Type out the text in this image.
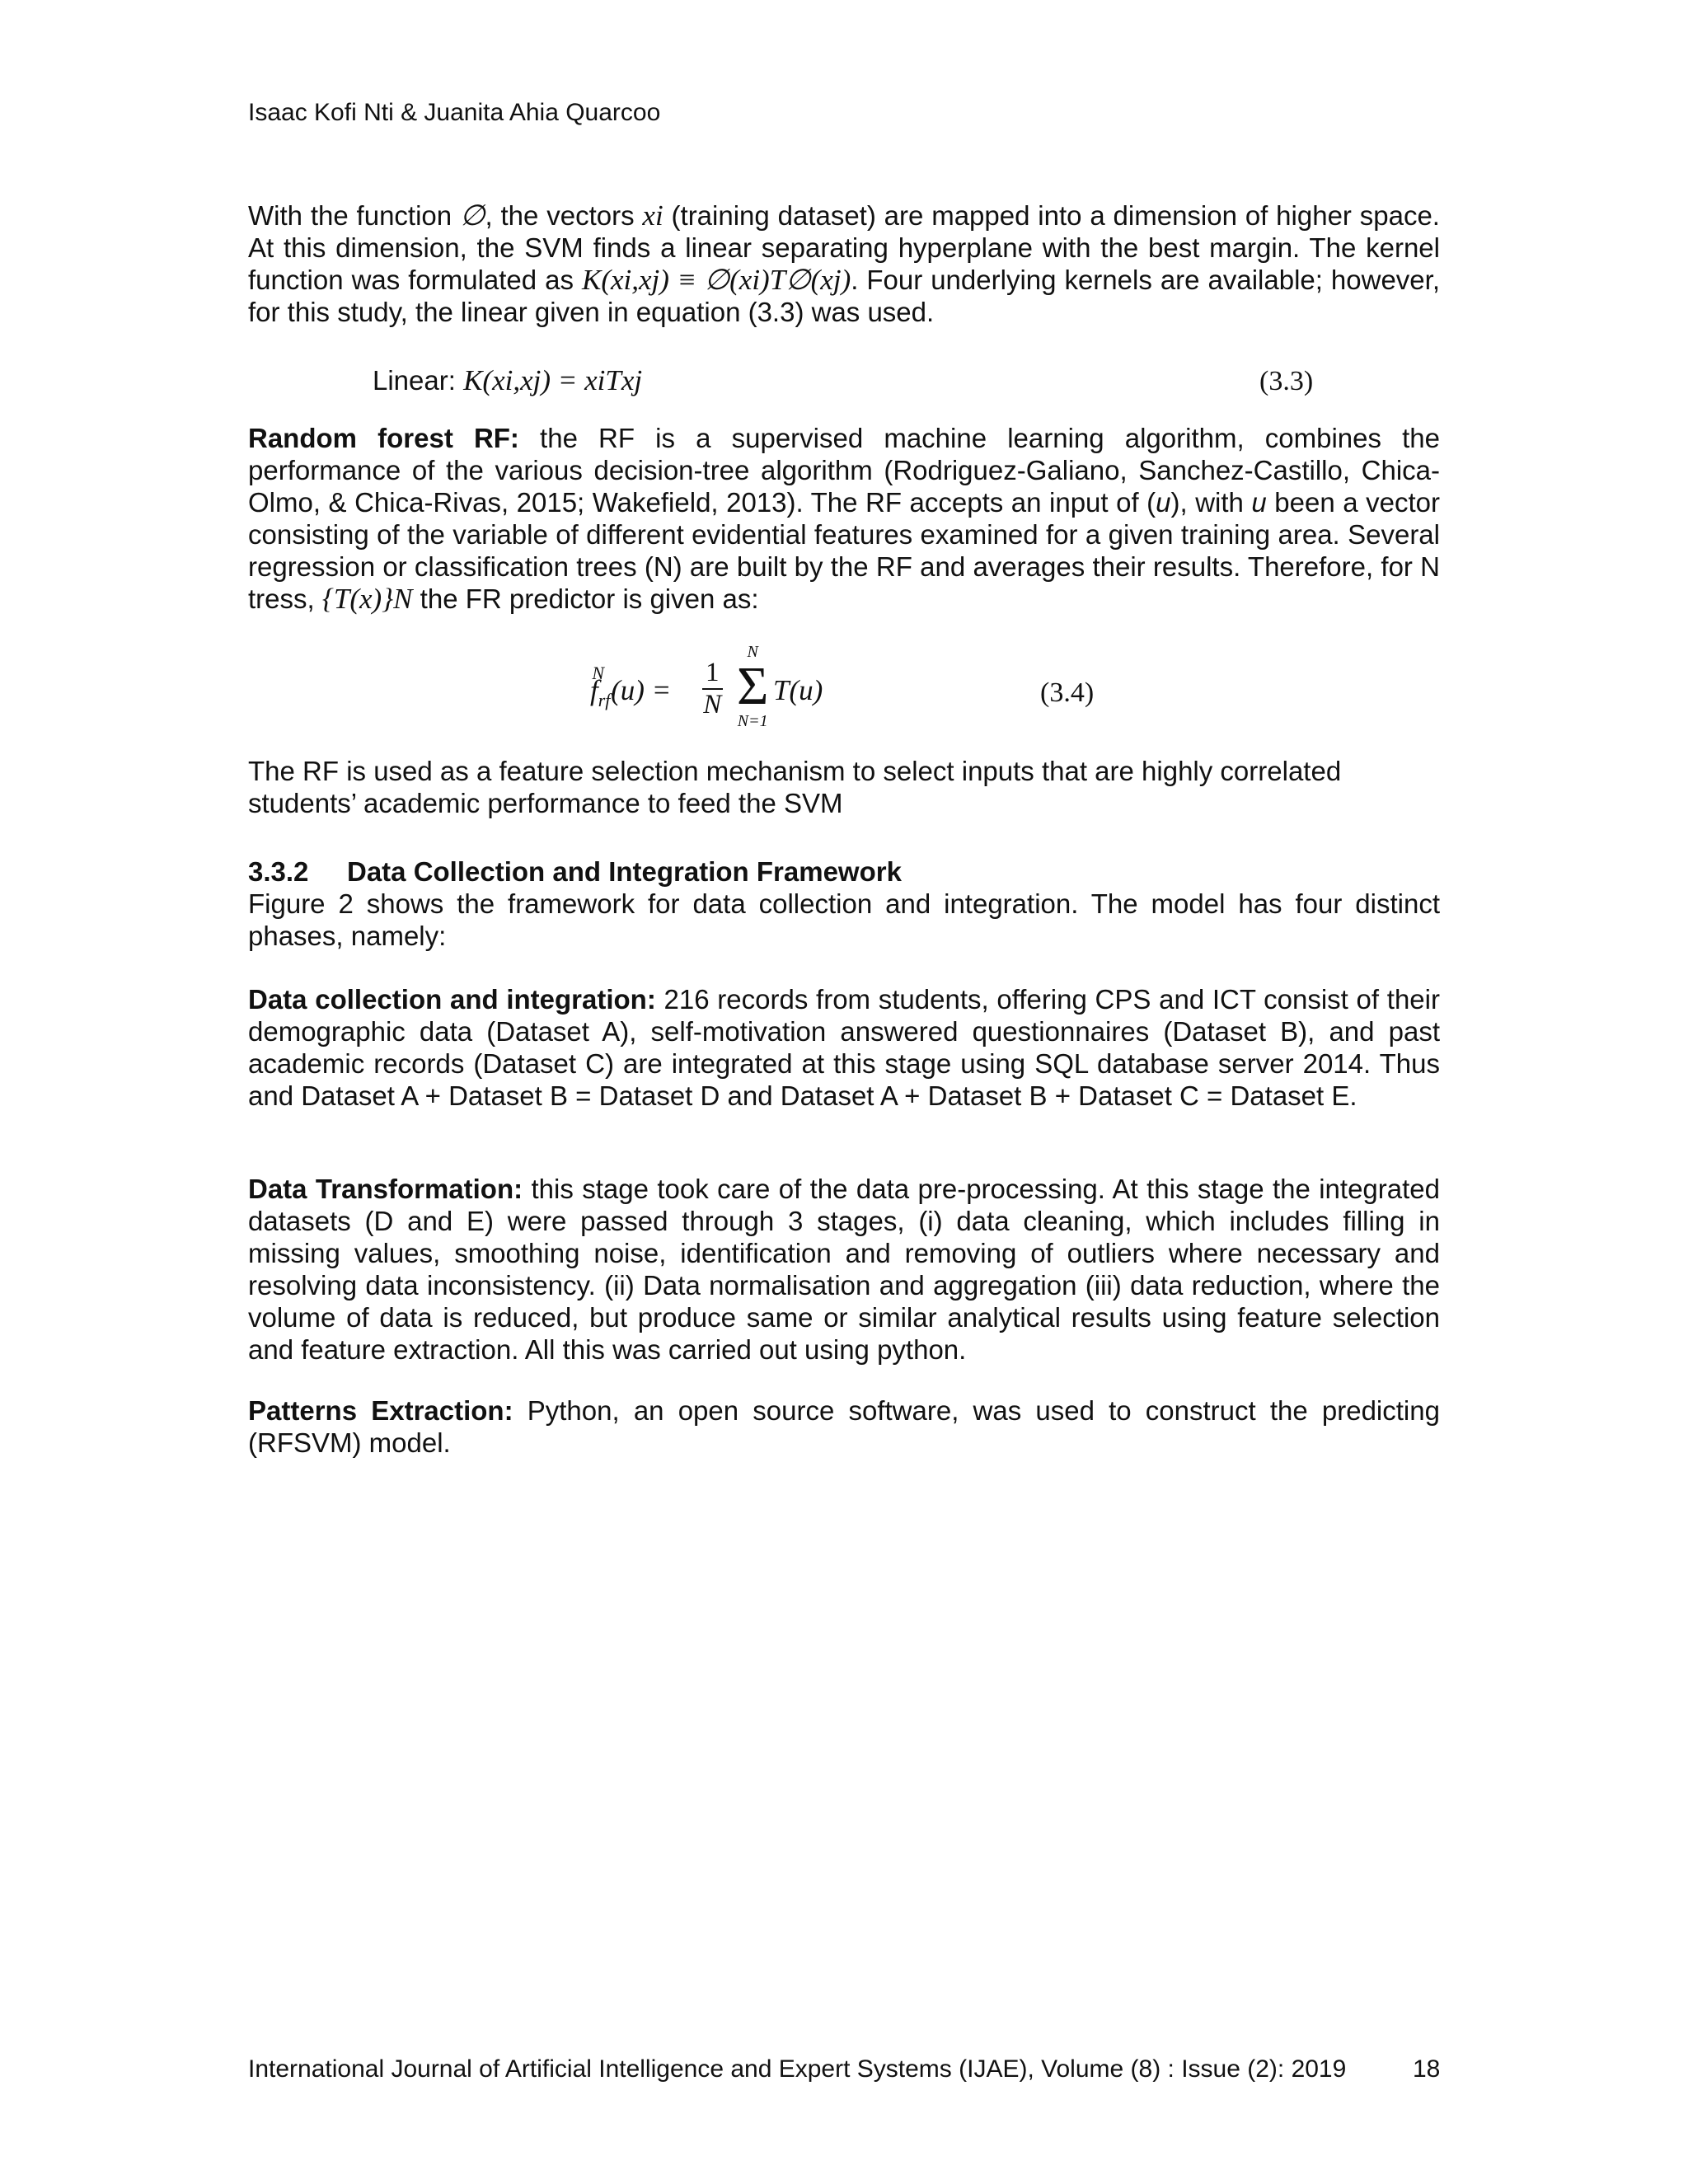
Isaac Kofi Nti & Juanita Ahia Quarcoo

With the function ∅, the vectors xi (training dataset) are mapped into a dimension of higher space. At this dimension, the SVM finds a linear separating hyperplane with the best margin. The kernel function was formulated as K(xi,xj) ≡ ∅(xi)T∅(xj). Four underlying kernels are available; however, for this study, the linear given in equation (3.3) was used.

Linear: K(xi,xj) = xiTxj	(3.3)

Random forest RF: the RF is a supervised machine learning algorithm, combines the performance of the various decision-tree algorithm (Rodriguez-Galiano, Sanchez-Castillo, Chica-Olmo, & Chica-Rivas, 2015; Wakefield, 2013). The RF accepts an input of (u), with u been a vector consisting of the variable of different evidential features examined for a given training area. Several regression or classification trees (N) are built by the RF and averages their results. Therefore, for N tress, {T(x)}N the FR predictor is given as:

$f_{rf}^N(u) = \frac{1}{N}$
N
Σ
N=1
T(u)	(3.4)

The RF is used as a feature selection mechanism to select inputs that are highly correlated students’ academic performance to feed the SVM

3.3.2 Data Collection and Integration Framework

Figure 2 shows the framework for data collection and integration. The model has four distinct phases, namely:

Data collection and integration: 216 records from students, offering CPS and ICT consist of their demographic data (Dataset A), self-motivation answered questionnaires (Dataset B), and past academic records (Dataset C) are integrated at this stage using SQL database server 2014. Thus and Dataset A + Dataset B = Dataset D and Dataset A + Dataset B + Dataset C = Dataset E.

Data Transformation: this stage took care of the data pre-processing. At this stage the integrated datasets (D and E) were passed through 3 stages, (i) data cleaning, which includes filling in missing values, smoothing noise, identification and removing of outliers where necessary and resolving data inconsistency. (ii) Data normalisation and aggregation (iii) data reduction, where the volume of data is reduced, but produce same or similar analytical results using feature selection and feature extraction. All this was carried out using python.

Patterns Extraction: Python, an open source software, was used to construct the predicting (RFSVM) model.

International Journal of Artificial Intelligence and Expert Systems (IJAE), Volume (8) : Issue (2): 2019	18
